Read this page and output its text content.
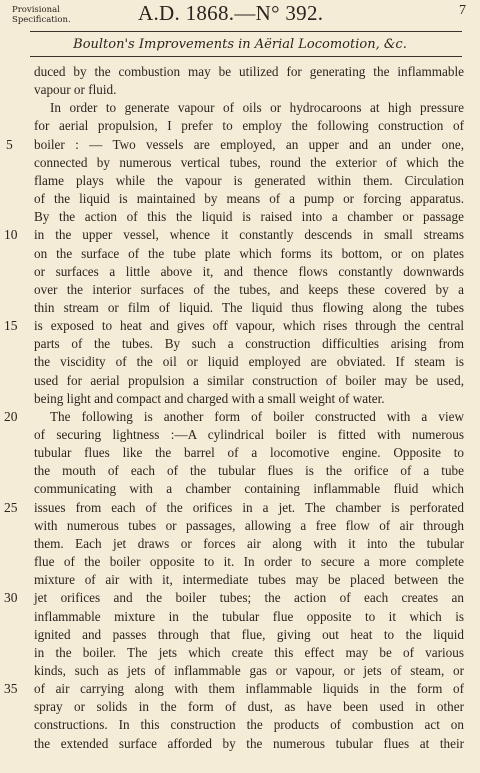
Provisional Specification.	A.D. 1868.—N° 392.	7
Boulton's Improvements in Aërial Locomotion, &c.
duced by the combustion may be utilized for generating the inflammable
vapour or fluid.
In order to generate vapour of oils or hydrocaroons at high pressure
for aerial propulsion, I prefer to employ the following construction of
boiler : — Two vessels are employed, an upper and an under one,
connected by numerous vertical tubes, round the exterior of which the
flame plays while the vapour is generated within them. Circulation
of the liquid is maintained by means of a pump or forcing apparatus.
By the action of this the liquid is raised into a chamber or passage
in the upper vessel, whence it constantly descends in small streams
on the surface of the tube plate which forms its bottom, or on plates
or surfaces a little above it, and thence flows constantly downwards
over the interior surfaces of the tubes, and keeps these covered by a
thin stream or film of liquid. The liquid thus flowing along the tubes
is exposed to heat and gives off vapour, which rises through the central
parts of the tubes. By such a construction difficulties arising from
the viscidity of the oil or liquid employed are obviated. If steam is
used for aerial propulsion a similar construction of boiler may be used,
being light and compact and charged with a small weight of water.
The following is another form of boiler constructed with a view
of securing lightness :—A cylindrical boiler is fitted with numerous
tubular flues like the barrel of a locomotive engine. Opposite to
the mouth of each of the tubular flues is the orifice of a tube
communicating with a chamber containing inflammable fluid which
issues from each of the orifices in a jet. The chamber is perforated
with numerous tubes or passages, allowing a free flow of air through
them. Each jet draws or forces air along with it into the tubular
flue of the boiler opposite to it. In order to secure a more complete
mixture of air with it, intermediate tubes may be placed between the
jet orifices and the boiler tubes; the action of each creates an
inflammable mixture in the tubular flue opposite to it which is
ignited and passes through that flue, giving out heat to the liquid
in the boiler. The jets which create this effect may be of various
kinds, such as jets of inflammable gas or vapour, or jets of steam, or
of air carrying along with them inflammable liquids in the form of
spray or solids in the form of dust, as have been used in other
constructions. In this construction the products of combustion act on
the extended surface afforded by the numerous tubular flues at their
5
10
15
20
25
30
35
